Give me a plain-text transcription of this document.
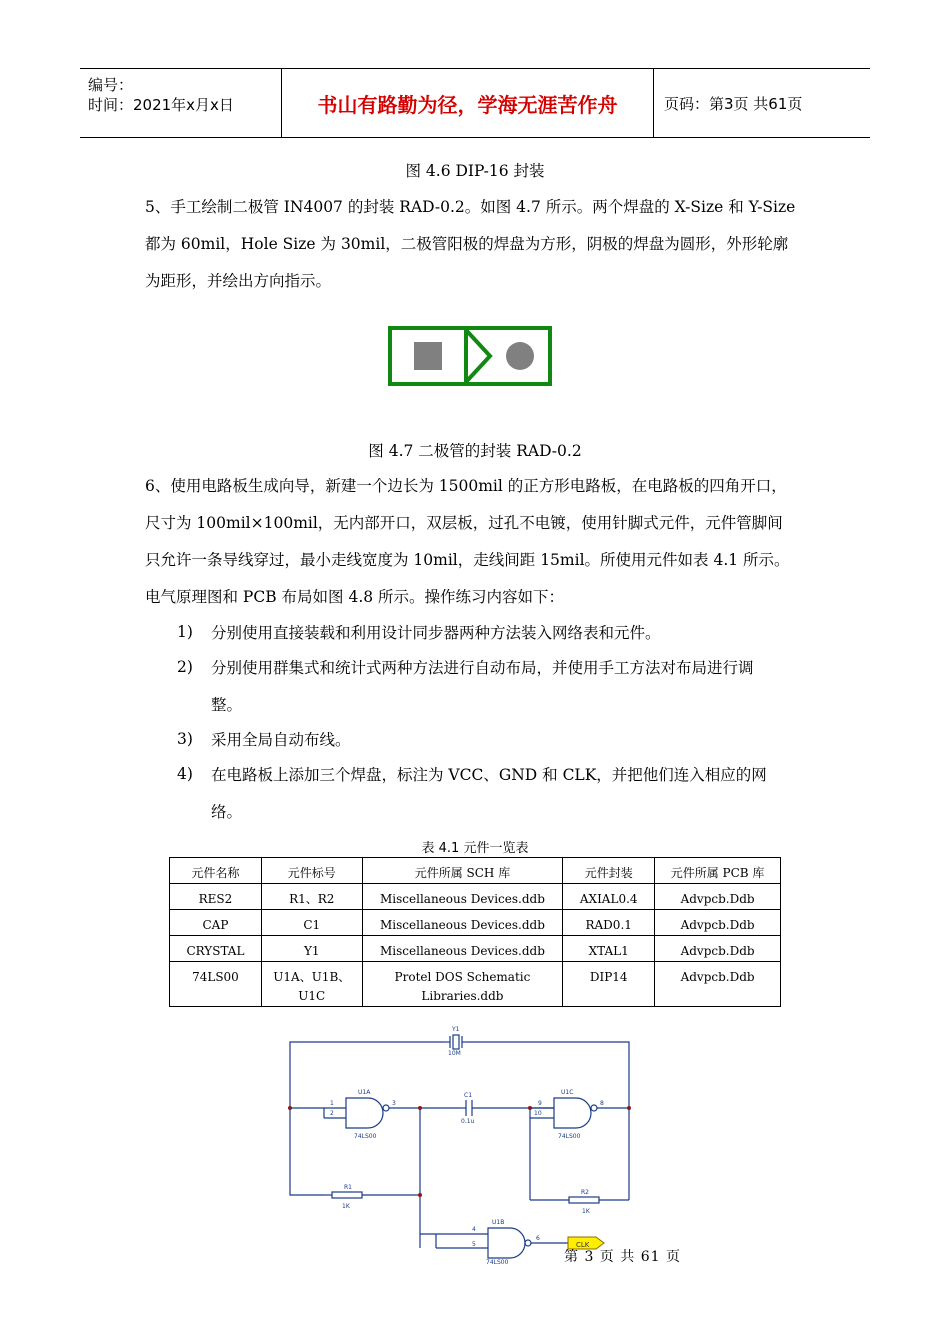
编号：
时间：2021年x月x日	书山有路勤为径，学海无涯苦作舟	页码：第3页 共61页
图 4.6 DIP-16 封装
5、手工绘制二极管 IN4007 的封装 RAD-0.2。如图 4.7 所示。两个焊盘的 X-Size 和 Y-Size
都为 60mil，Hole Size 为 30mil，二极管阳极的焊盘为方形，阴极的焊盘为圆形，外形轮廓
为距形，并绘出方向指示。
图 4.7 二极管的封装 RAD-0.2
6、使用电路板生成向导，新建一个边长为 1500mil 的正方形电路板，在电路板的四角开口，
尺寸为 100mil×100mil，无内部开口，双层板，过孔不电镀，使用针脚式元件，元件管脚间
只允许一条导线穿过，最小走线宽度为 10mil，走线间距 15mil。所使用元件如表 4.1 所示。
电气原理图和 PCB 布局如图 4.8 所示。操作练习内容如下：
1) 分别使用直接装载和利用设计同步器两种方法装入网络表和元件。
2) 分别使用群集式和统计式两种方法进行自动布局，并使用手工方法对布局进行调
整。
3) 采用全局自动布线。
4) 在电路板上添加三个焊盘，标注为 VCC、GND 和 CLK，并把他们连入相应的网
络。
表 4.1 元件一览表
元件名称	元件标号	元件所属 SCH 库	元件封装	元件所属 PCB 库
RES2	R1、R2	Miscellaneous Devices.ddb	AXIAL0.4	Advpcb.Ddb
CAP	C1	Miscellaneous Devices.ddb	RAD0.1	Advpcb.Ddb
CRYSTAL	Y1	Miscellaneous Devices.ddb	XTAL1	Advpcb.Ddb
74LS00	U1A、U1B、U1C	Protel DOS Schematic Libraries.ddb	DIP14	Advpcb.Ddb
CLK
Y1
10M
U1A
74LS00
1
2
3
C1
0.1u
U1C
74LS00
9
10
8
R1
1K
R2
1K
U1B
74LS00
4
5
6
第 3 页 共 61 页
